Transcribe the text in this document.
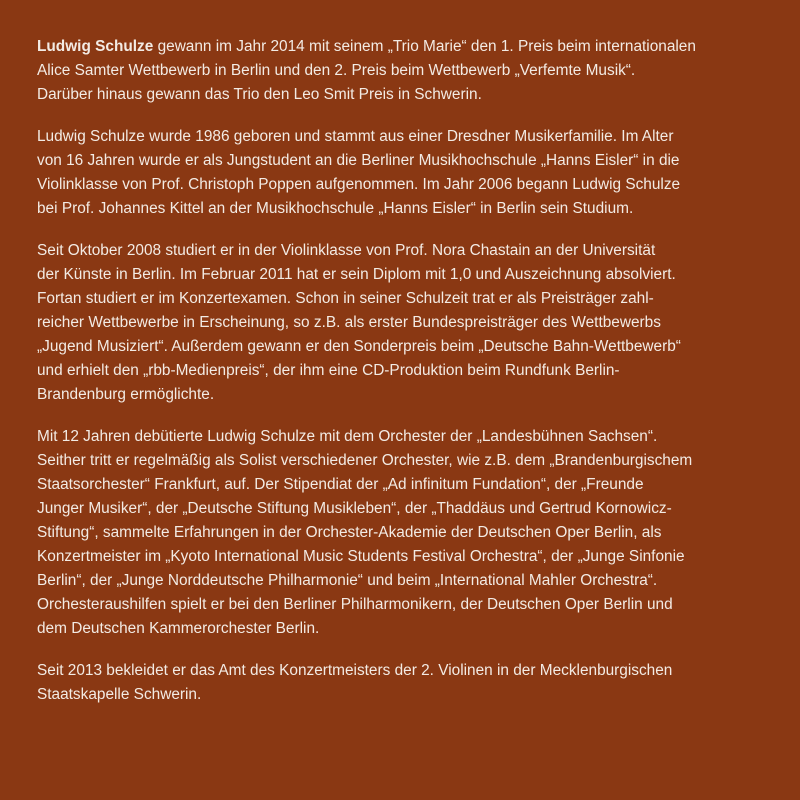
Ludwig Schulze gewann im Jahr 2014 mit seinem „Trio Marie“ den 1. Preis beim internationalen
Alice Samter Wettbewerb in Berlin und den 2. Preis beim Wettbewerb „Verfemte Musik“.
Darüber hinaus gewann das Trio den Leo Smit Preis in Schwerin.

Ludwig Schulze wurde 1986 geboren und stammt aus einer Dresdner Musikerfamilie. Im Alter
von 16 Jahren wurde er als Jungstudent an die Berliner Musikhochschule „Hanns Eisler“ in die
Violinklasse von Prof. Christoph Poppen aufgenommen. Im Jahr 2006 begann Ludwig Schulze
bei Prof. Johannes Kittel an der Musikhochschule „Hanns Eisler“ in Berlin sein Studium.

Seit Oktober 2008 studiert er in der Violinklasse von Prof. Nora Chastain an der Universität
der Künste in Berlin. Im Februar 2011 hat er sein Diplom mit 1,0 und Auszeichnung absolviert.
Fortan studiert er im Konzertexamen. Schon in seiner Schulzeit trat er als Preisträger zahl-
reicher Wettbewerbe in Erscheinung, so z.B. als erster Bundespreisträger des Wettbewerbs
„Jugend Musiziert“. Außerdem gewann er den Sonderpreis beim „Deutsche Bahn-Wettbewerb“
und erhielt den „rbb-Medienpreis“, der ihm eine CD-Produktion beim Rundfunk Berlin-
Brandenburg ermöglichte.

Mit 12 Jahren debütierte Ludwig Schulze mit dem Orchester der „Landesbühnen Sachsen“.
Seither tritt er regelmäßig als Solist verschiedener Orchester, wie z.B. dem „Brandenburgischem
Staatsorchester“ Frankfurt, auf. Der Stipendiat der „Ad infinitum Fundation“, der „Freunde
Junger Musiker“, der „Deutsche Stiftung Musikleben“, der „Thaddäus und Gertrud Kornowicz-
Stiftung“, sammelte Erfahrungen in der Orchester-Akademie der Deutschen Oper Berlin, als
Konzertmeister im „Kyoto International Music Students Festival Orchestra“, der „Junge Sinfonie
Berlin“, der „Junge Norddeutsche Philharmonie“ und beim „International Mahler Orchestra“.
Orchesteraushilfen spielt er bei den Berliner Philharmonikern, der Deutschen Oper Berlin und
dem Deutschen Kammerorchester Berlin.

Seit 2013 bekleidet er das Amt des Konzertmeisters der 2. Violinen in der Mecklenburgischen
Staatskapelle Schwerin.
